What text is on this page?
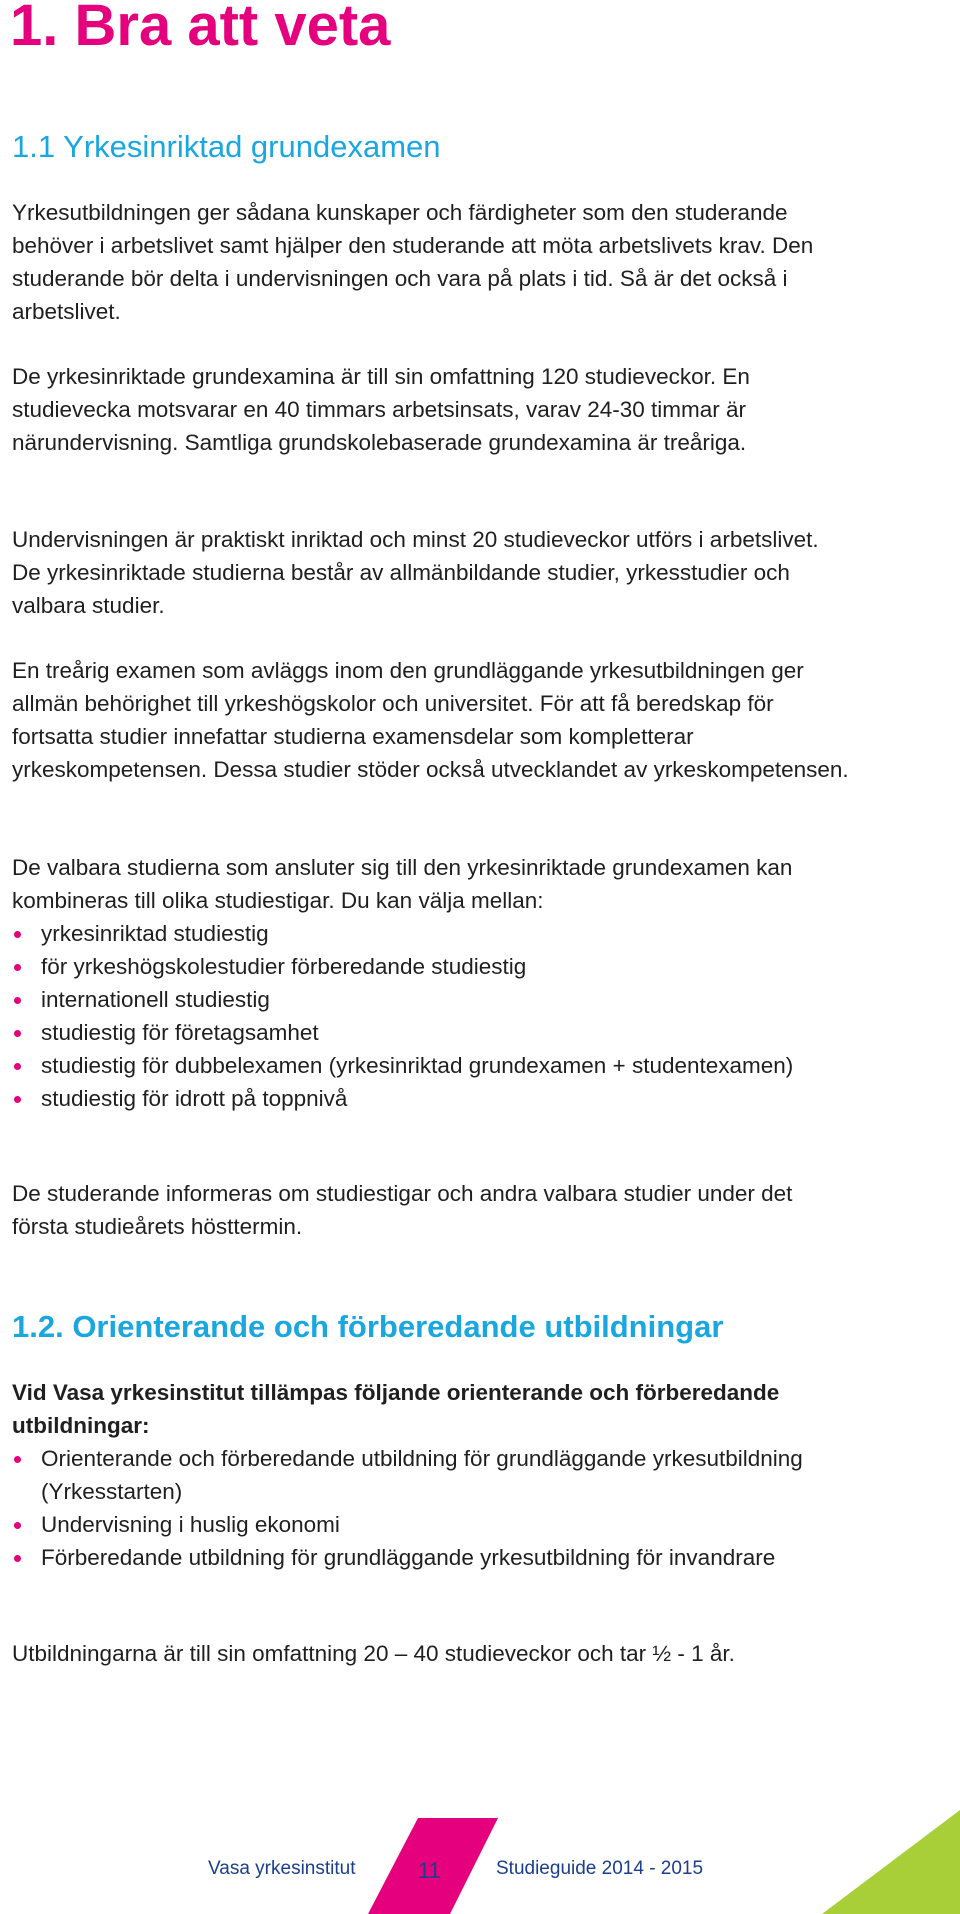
1. Bra att veta
1.1 Yrkesinriktad grundexamen

Yrkesutbildningen ger sådana kunskaper och färdigheter som den studerande behöver i arbetslivet samt hjälper den studerande att möta arbetslivets krav. Den studerande bör delta i undervisningen och vara på plats i tid. Så är det också i arbetslivet.

De yrkesinriktade grundexamina är till sin omfattning 120 studieveckor. En studievecka motsvarar en 40 timmars arbetsinsats, varav 24-30 timmar är närundervisning. Samtliga grundskolebaserade grundexamina är treåriga.

Undervisningen är praktiskt inriktad och minst 20 studieveckor utförs i arbetslivet. De yrkesinriktade studierna består av allmänbildande studier, yrkesstudier och valbara studier.

En treårig examen som avläggs inom den grundläggande yrkesutbildningen ger allmän behörighet till yrkeshögskolor och universitet. För att få beredskap för fortsatta studier innefattar studierna examensdelar som kompletterar yrkeskompetensen. Dessa studier stöder också utvecklandet av yrkeskompetensen.

De valbara studierna som ansluter sig till den yrkesinriktade grundexamen kan kombineras till olika studiestigar. Du kan välja mellan:

yrkesinriktad studiestig
för yrkeshögskolestudier förberedande studiestig
internationell studiestig
studiestig för företagsamhet
studiestig för dubbelexamen (yrkesinriktad grundexamen + studentexamen)
studiestig för idrott på toppnivå

De studerande informeras om studiestigar och andra valbara studier under det första studieårets hösttermin.

1.2. Orienterande och förberedande utbildningar

Vid Vasa yrkesinstitut tillämpas följande orienterande och förberedande utbildningar:

Orienterande och förberedande utbildning för grundläggande yrkesutbildning (Yrkesstarten)
Undervisning i huslig ekonomi
Förberedande utbildning för grundläggande yrkesutbildning för invandrare

Utbildningarna är till sin omfattning 20 – 40 studieveckor och tar ½ - 1 år.

Vasa yrkesinstitut	11	Studieguide 2014 - 2015
